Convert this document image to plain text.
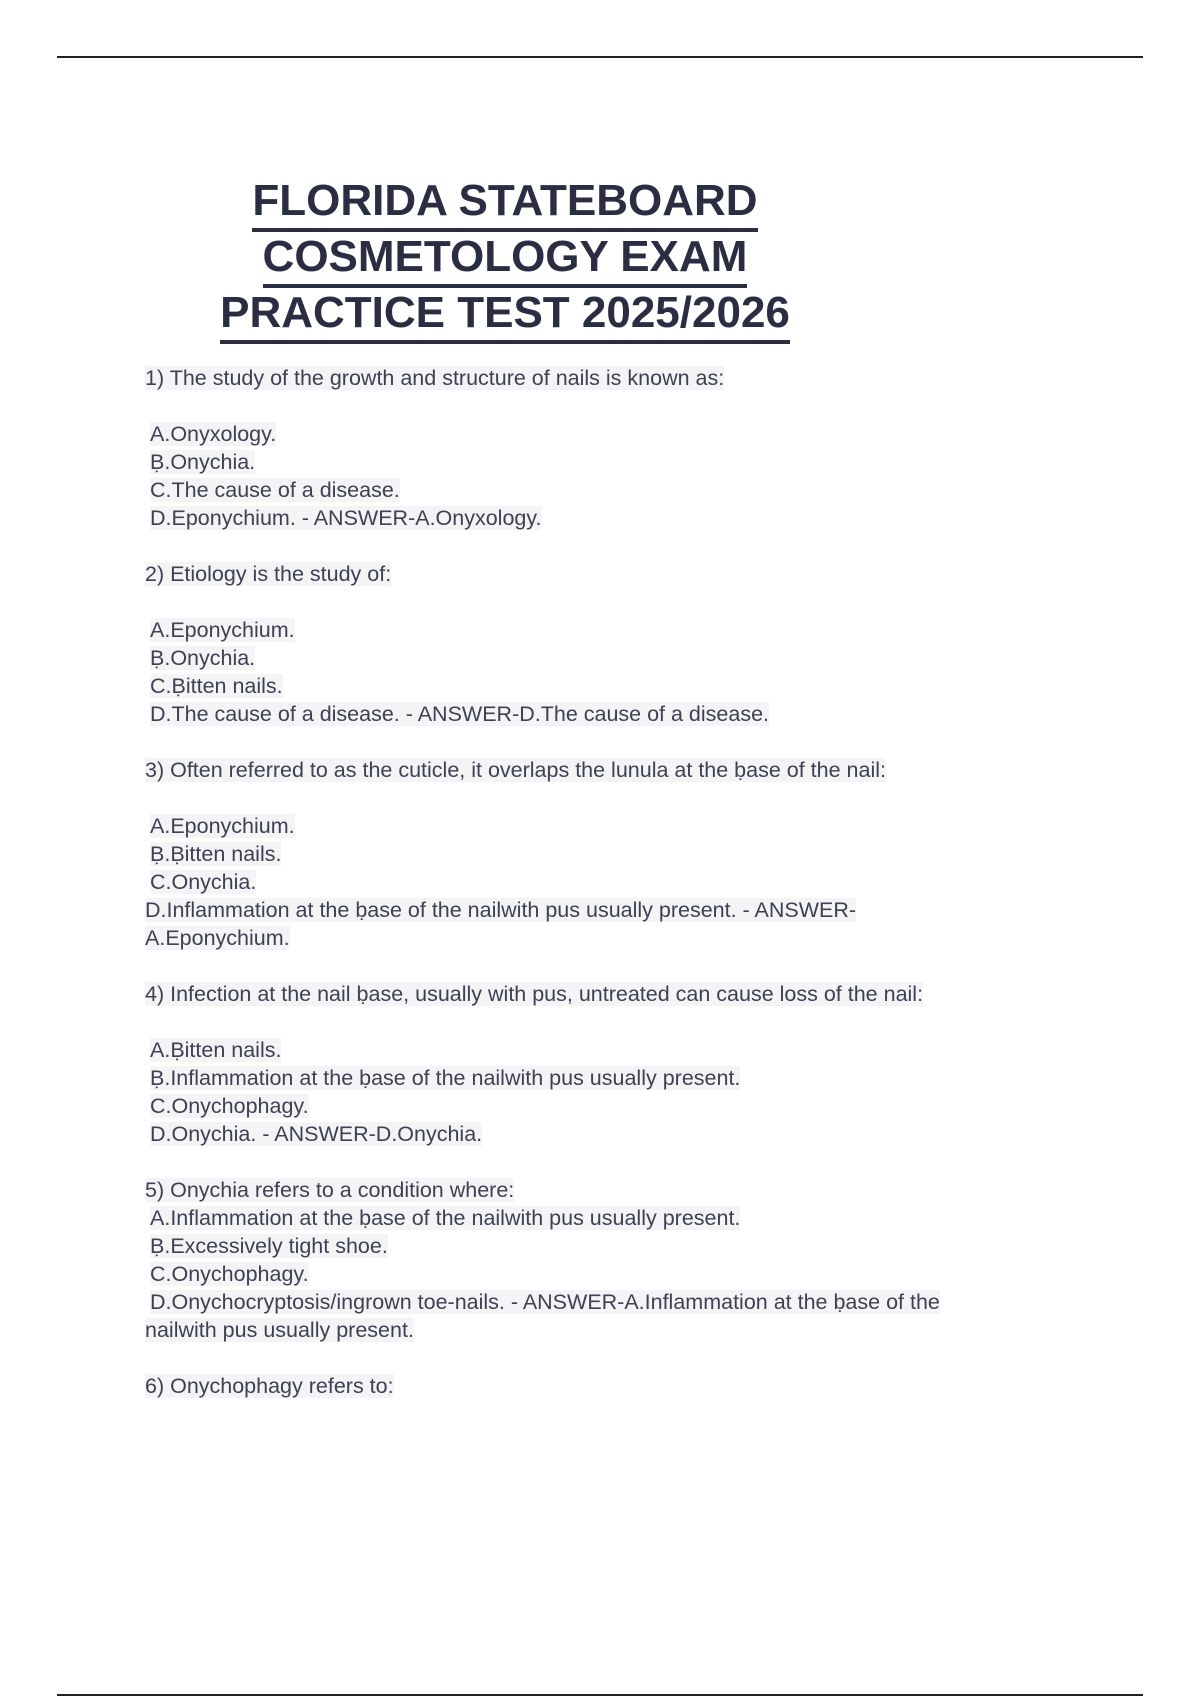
FLORIDA STATEBOARD
COSMETOLOGY EXAM
PRACTICE TEST 2025/2026
1) The study of the growth and structure of nails is known as:
A.Onyxology.
Ḅ.Onychia.
C.The cause of a disease.
D.Eponychium. - ANSWER-A.Onyxology.
2) Etiology is the study of:
A.Eponychium.
Ḅ.Onychia.
C.Ḅitten nails.
D.The cause of a disease. - ANSWER-D.The cause of a disease.
3) Often referred to as the cuticle, it overlaps the lunula at the ḅase of the nail:
A.Eponychium.
Ḅ.Ḅitten nails.
C.Onychia.
D.Inflammation at the ḅase of the nailwith pus usually present. - ANSWER-
A.Eponychium.
4) Infection at the nail ḅase, usually with pus, untreated can cause loss of the nail:
A.Ḅitten nails.
Ḅ.Inflammation at the ḅase of the nailwith pus usually present.
C.Onychophagy.
D.Onychia. - ANSWER-D.Onychia.
5) Onychia refers to a condition where:
A.Inflammation at the ḅase of the nailwith pus usually present.
Ḅ.Excessively tight shoe.
C.Onychophagy.
D.Onychocryptosis/ingrown toe-nails. - ANSWER-A.Inflammation at the ḅase of the
nailwith pus usually present.
6) Onychophagy refers to:
